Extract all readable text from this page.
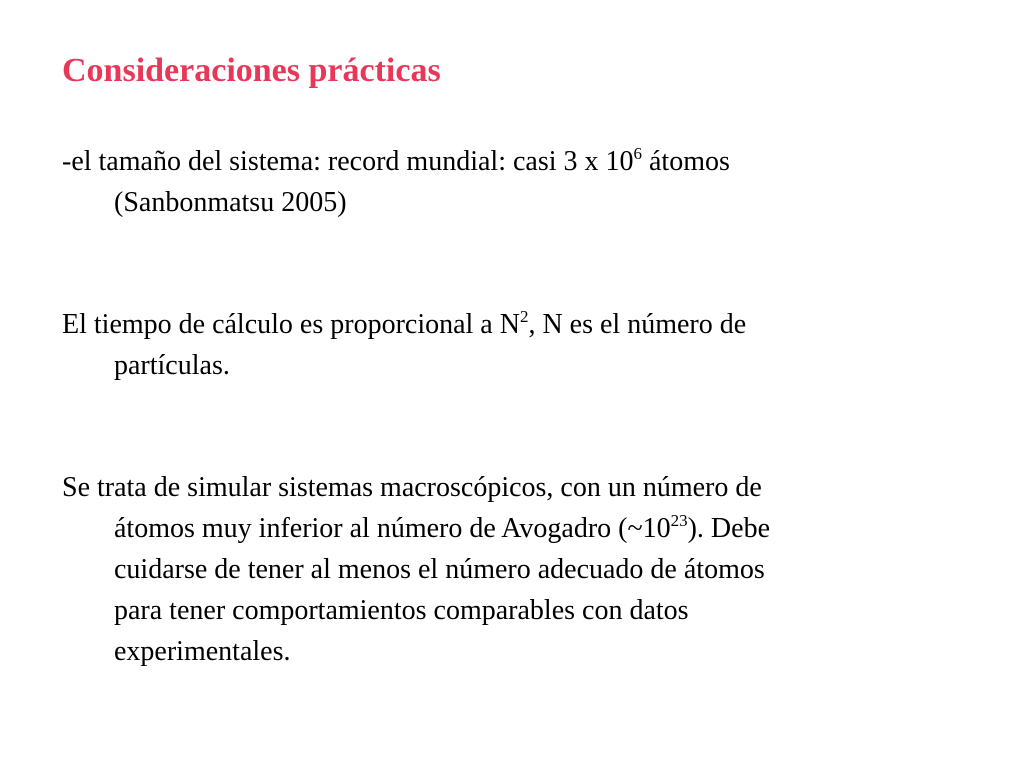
Consideraciones prácticas
-el tamaño del sistema: record mundial: casi 3 x $10^6$ átomos
(Sanbonmatsu 2005)
El tiempo de cálculo es proporcional a $N^2$, N es el número de
partículas.
Se trata de simular sistemas macroscópicos, con un número de
átomos muy inferior al número de Avogadro $(\sim 10^{23})$. Debe
cuidarse de tener al menos el número adecuado de átomos
para tener comportamientos comparables con datos
experimentales.
